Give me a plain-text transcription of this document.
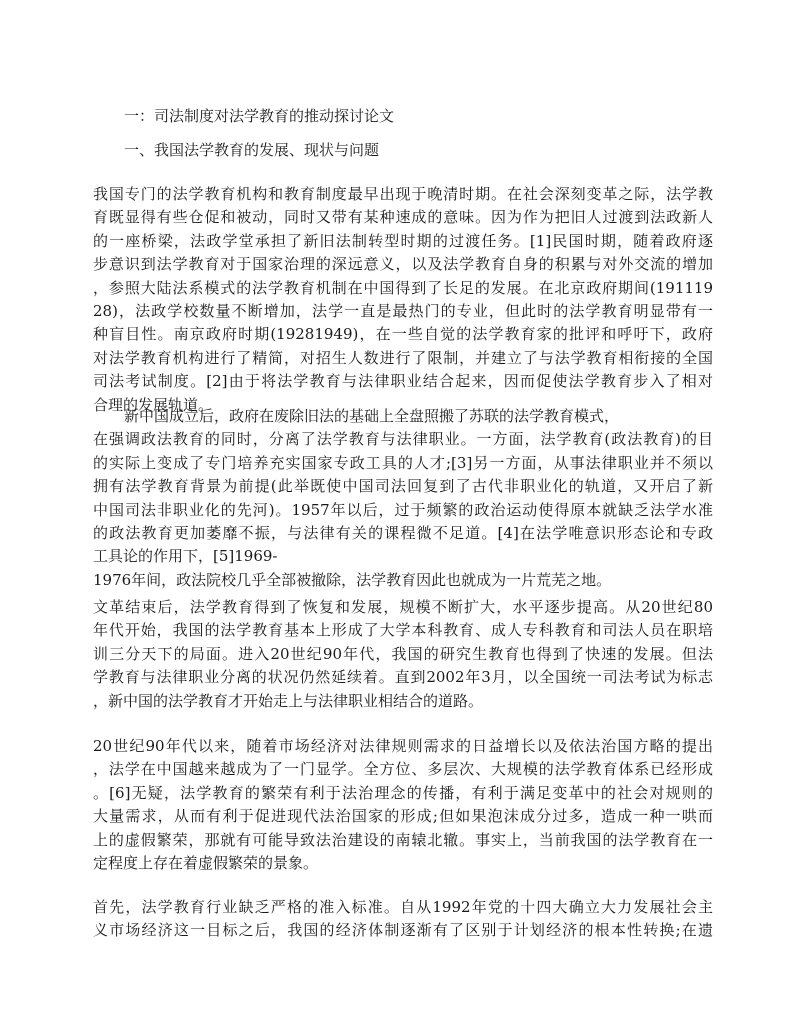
一：司法制度对法学教育的推动探讨论文
一、我国法学教育的发展、现状与问题
我国专门的法学教育机构和教育制度最早出现于晚清时期。在社会深刻变革之际，法学教
育既显得有些仓促和被动，同时又带有某种速成的意味。因为作为把旧人过渡到法政新人
的一座桥梁，法政学堂承担了新旧法制转型时期的过渡任务。[1]民国时期，随着政府逐
步意识到法学教育对于国家治理的深远意义，以及法学教育自身的积累与对外交流的增加
，参照大陆法系模式的法学教育机制在中国得到了长足的发展。在北京政府期间(191119
28)，法政学校数量不断增加，法学一直是最热门的专业，但此时的法学教育明显带有一
种盲目性。南京政府时期(19281949)，在一些自觉的法学教育家的批评和呼吁下，政府
对法学教育机构进行了精简，对招生人数进行了限制，并建立了与法学教育相衔接的全国
司法考试制度。[2]由于将法学教育与法律职业结合起来，因而促使法学教育步入了相对
合理的发展轨道。
新中国成立后，政府在废除旧法的基础上全盘照搬了苏联的法学教育模式，
在强调政法教育的同时，分离了法学教育与法律职业。一方面，法学教育(政法教育)的目
的实际上变成了专门培养充实国家专政工具的人才;[3]另一方面，从事法律职业并不须以
拥有法学教育背景为前提(此举既使中国司法回复到了古代非职业化的轨道，又开启了新
中国司法非职业化的先河)。1957年以后，过于频繁的政治运动使得原本就缺乏法学水准
的政法教育更加萎靡不振，与法律有关的课程微不足道。[4]在法学唯意识形态论和专政
工具论的作用下，[5]1969-
1976年间，政法院校几乎全部被撤除，法学教育因此也就成为一片荒芜之地。
文革结束后，法学教育得到了恢复和发展，规模不断扩大，水平逐步提高。从20世纪80
年代开始，我国的法学教育基本上形成了大学本科教育、成人专科教育和司法人员在职培
训三分天下的局面。进入20世纪90年代，我国的研究生教育也得到了快速的发展。但法
学教育与法律职业分离的状况仍然延续着。直到2002年3月，以全国统一司法考试为标志
，新中国的法学教育才开始走上与法律职业相结合的道路。
20世纪90年代以来，随着市场经济对法律规则需求的日益增长以及依法治国方略的提出
，法学在中国越来越成为了一门显学。全方位、多层次、大规模的法学教育体系已经形成
。[6]无疑，法学教育的繁荣有利于法治理念的传播，有利于满足变革中的社会对规则的
大量需求，从而有利于促进现代法治国家的形成;但如果泡沫成分过多，造成一种一哄而
上的虚假繁荣，那就有可能导致法治建设的南辕北辙。事实上，当前我国的法学教育在一
定程度上存在着虚假繁荣的景象。
首先，法学教育行业缺乏严格的准入标准。自从1992年党的十四大确立大力发展社会主
义市场经济这一目标之后，我国的经济体制逐渐有了区别于计划经济的根本性转换;在遗
